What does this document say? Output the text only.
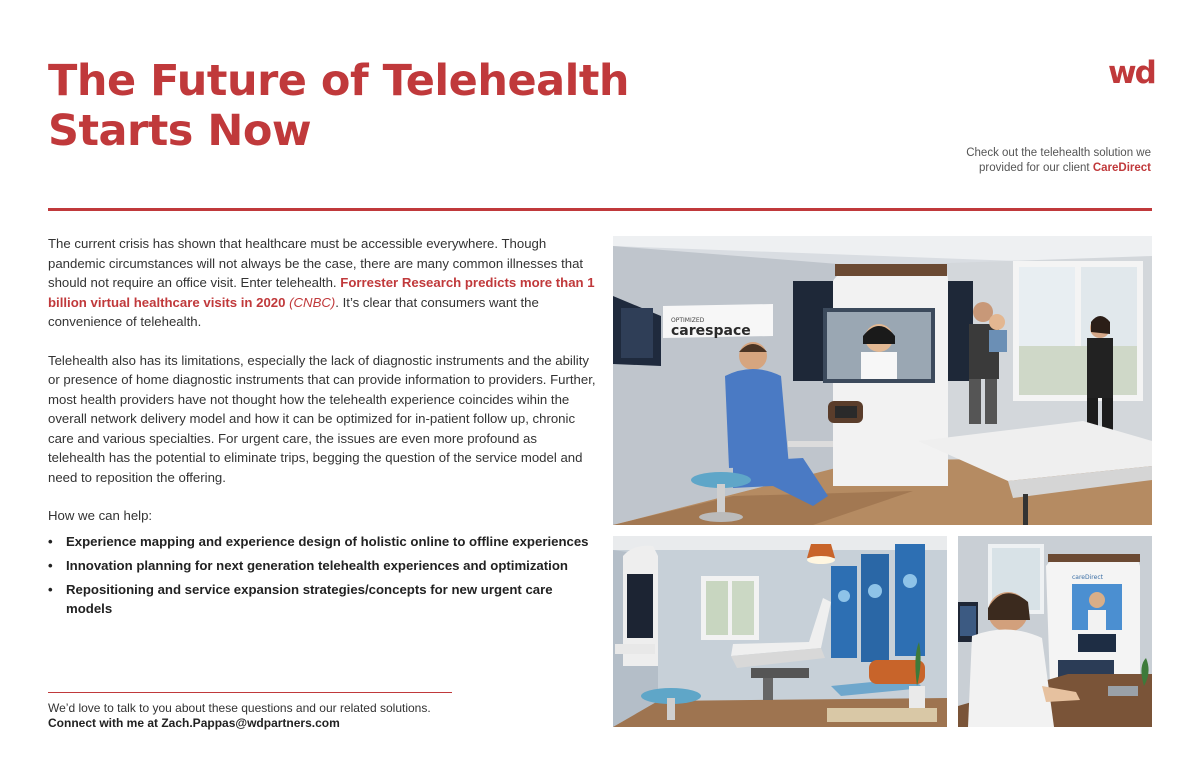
The Future of Telehealth
Starts Now
wd
Check out the telehealth solution we
provided for our client CareDirect

The current crisis has shown that healthcare must be accessible everywhere. Though pandemic circumstances will not always be the case, there are many common illnesses that should not require an office visit. Enter telehealth. Forrester Research predicts more than 1 billion virtual healthcare visits in 2020 (CNBC). It’s clear that consumers want the convenience of telehealth.

Telehealth also has its limitations, especially the lack of diagnostic instruments and the ability or presence of home diagnostic instruments that can provide information to providers. Further, most health providers have not thought how the telehealth experience coincides wihin the overall network delivery model and how it can be optimized for in-patient follow up, chronic care and various specialties. For urgent care, the issues are even more profound as telehealth has the potential to eliminate trips, begging the question of the service model and need to reposition the offering.

How we can help:
• Experience mapping and experience design of holistic online to offline experiences
• Innovation planning for next generation telehealth experiences and optimization
• Repositioning and service expansion strategies/concepts for new urgent care models
We’d love to talk to you about these questions and our related solutions.
Connect with me at Zach.Pappas@wdpartners.com
OPTIMIZED
carespace
careDirect
